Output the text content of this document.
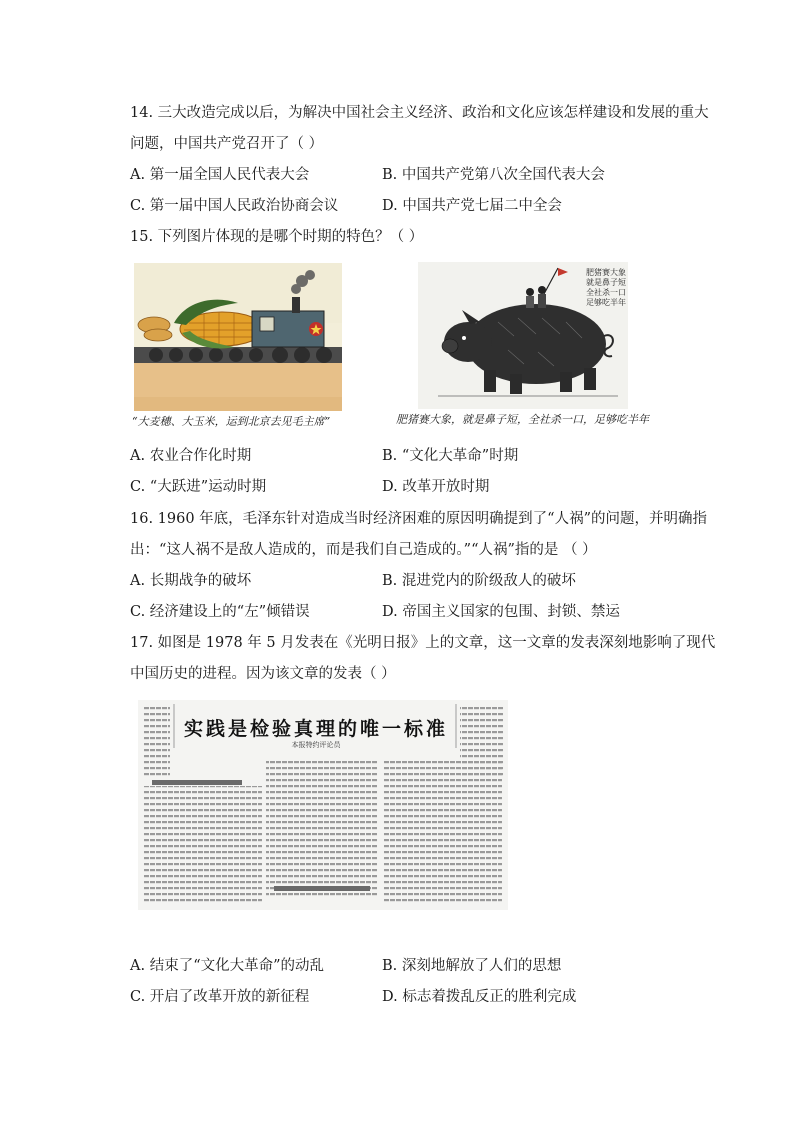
14. 三大改造完成以后，为解决中国社会主义经济、政治和文化应该怎样建设和发展的重大
问题，中国共产党召开了（ ）
A. 第一届全国人民代表大会	B. 中国共产党第八次全国代表大会
C. 第一届中国人民政治协商会议	D. 中国共产党七届二中全会
15. 下列图片体现的是哪个时期的特色？（ ）
“大麦穗、大玉米，运到北京去见毛主席”
肥猪赛大象 就是鼻子短 全社杀一口 足够吃半年
肥猪赛大象，就是鼻子短，全社杀一口，足够吃半年
A. 农业合作化时期	B. “文化大革命”时期
C. “大跃进”运动时期	D. 改革开放时期
16. 1960 年底，毛泽东针对造成当时经济困难的原因明确提到了“人祸”的问题，并明确指
出：“这人祸不是敌人造成的，而是我们自己造成的。”“人祸”指的是 （ ）
A. 长期战争的破坏	B. 混进党内的阶级敌人的破坏
C. 经济建设上的“左”倾错误	D. 帝国主义国家的包围、封锁、禁运
17. 如图是 1978 年 5 月发表在《光明日报》上的文章，这一文章的发表深刻地影响了现代
中国历史的进程。因为该文章的发表（ ）
实践是检验真理的唯一标准
本报特约评论员
A. 结束了“文化大革命”的动乱	B. 深刻地解放了人们的思想
C. 开启了改革开放的新征程	D. 标志着拨乱反正的胜利完成
